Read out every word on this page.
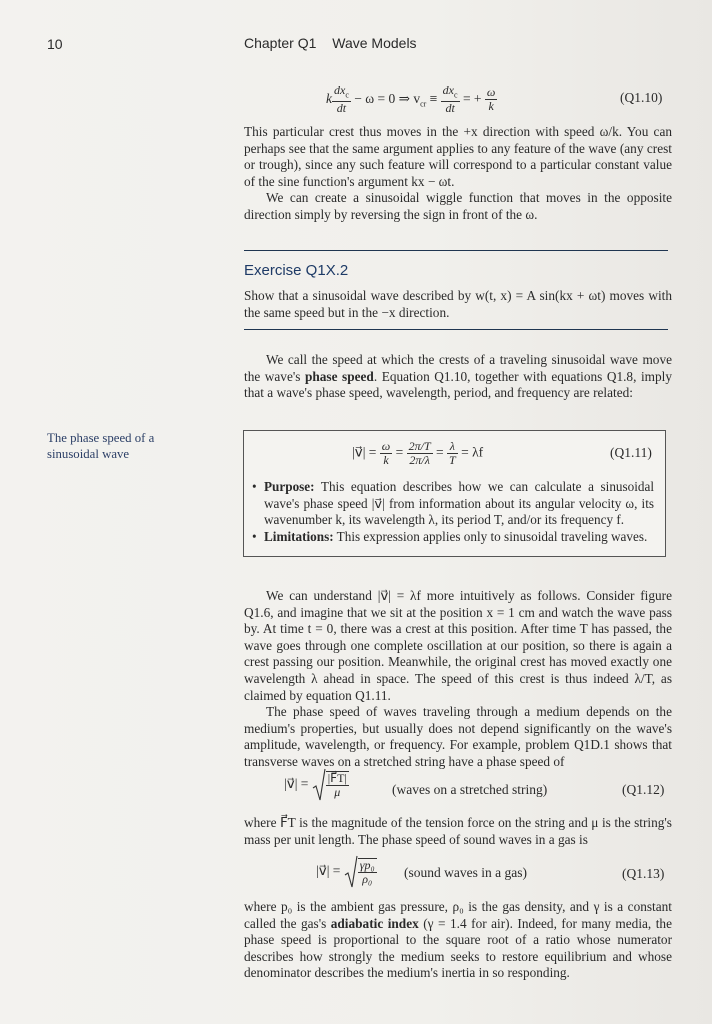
10	Chapter Q1 Wave Models
k $\frac{dx_c}{dt} - \omega = 0$ ⇒ $v_{cr} \equiv \frac{dx_c}{dt}$ = + $\frac{\omega}{k}$	(Q1.10)

This particular crest thus moves in the +x direction with speed ω/k. You can perhaps see that the same argument applies to any feature of the wave (any crest or trough), since any such feature will correspond to a particular constant value of the sine function's argument kx − ωt.

We can create a sinusoidal wiggle function that moves in the opposite direction simply by reversing the sign in front of the ω.

Exercise Q1X.2
Show that a sinusoidal wave described by w(t, x) = A sin(kx + ωt) moves with the same speed but in the −x direction.

We call the speed at which the crests of a traveling sinusoidal wave move the wave's phase speed. Equation Q1.10, together with equations Q1.8, imply that a wave's phase speed, wavelength, period, and frequency are related:

The phase speed of a sinusoidal wave	|v⃗| = $\frac{\omega}{k} = \frac{2\pi/T}{2\pi/\lambda} = \frac{\lambda}{T} = \lambda f$	(Q1.11)
• Purpose: This equation describes how we can calculate a sinusoidal wave's phase speed |v⃗| from information about its angular velocity ω, its wavenumber k, its wavelength λ, its period T, and/or its frequency f.
• Limitations: This expression applies only to sinusoidal traveling waves.

We can understand |v⃗| = λf more intuitively as follows. Consider figure Q1.6, and imagine that we sit at the position x = 1 cm and watch the wave pass by. At time t = 0, there was a crest at this position. After time T has passed, the wave goes through one complete oscillation at our position, so there is again a crest passing our position. Meanwhile, the original crest has moved exactly one wavelength λ ahead in space. The speed of this crest is thus indeed λ/T, as claimed by equation Q1.11.

The phase speed of waves traveling through a medium depends on the medium's properties, but usually does not depend significantly on the wave's amplitude, wavelength, or frequency. For example, problem Q1D.1 shows that transverse waves on a stretched string have a phase speed of

|v⃗| = $\frac{|F⃗T|}{\mu}$	(waves on a stretched string)	(Q1.12)
where F⃗T is the magnitude of the tension force on the string and μ is the string's mass per unit length. The phase speed of sound waves in a gas is
|v⃗| = $\frac{\text{γp₀}}{\text{ρ₀}}$ (sound waves in a gas)	(Q1.13)

where p₀ is the ambient gas pressure, ρ₀ is the gas density, and γ is a constant called the gas's adiabatic index (γ = 1.4 for air). Indeed, for many media, the phase speed is proportional to the square root of a ratio whose numerator describes how strongly the medium seeks to restore equilibrium and whose denominator describes the medium's inertia in so responding.
